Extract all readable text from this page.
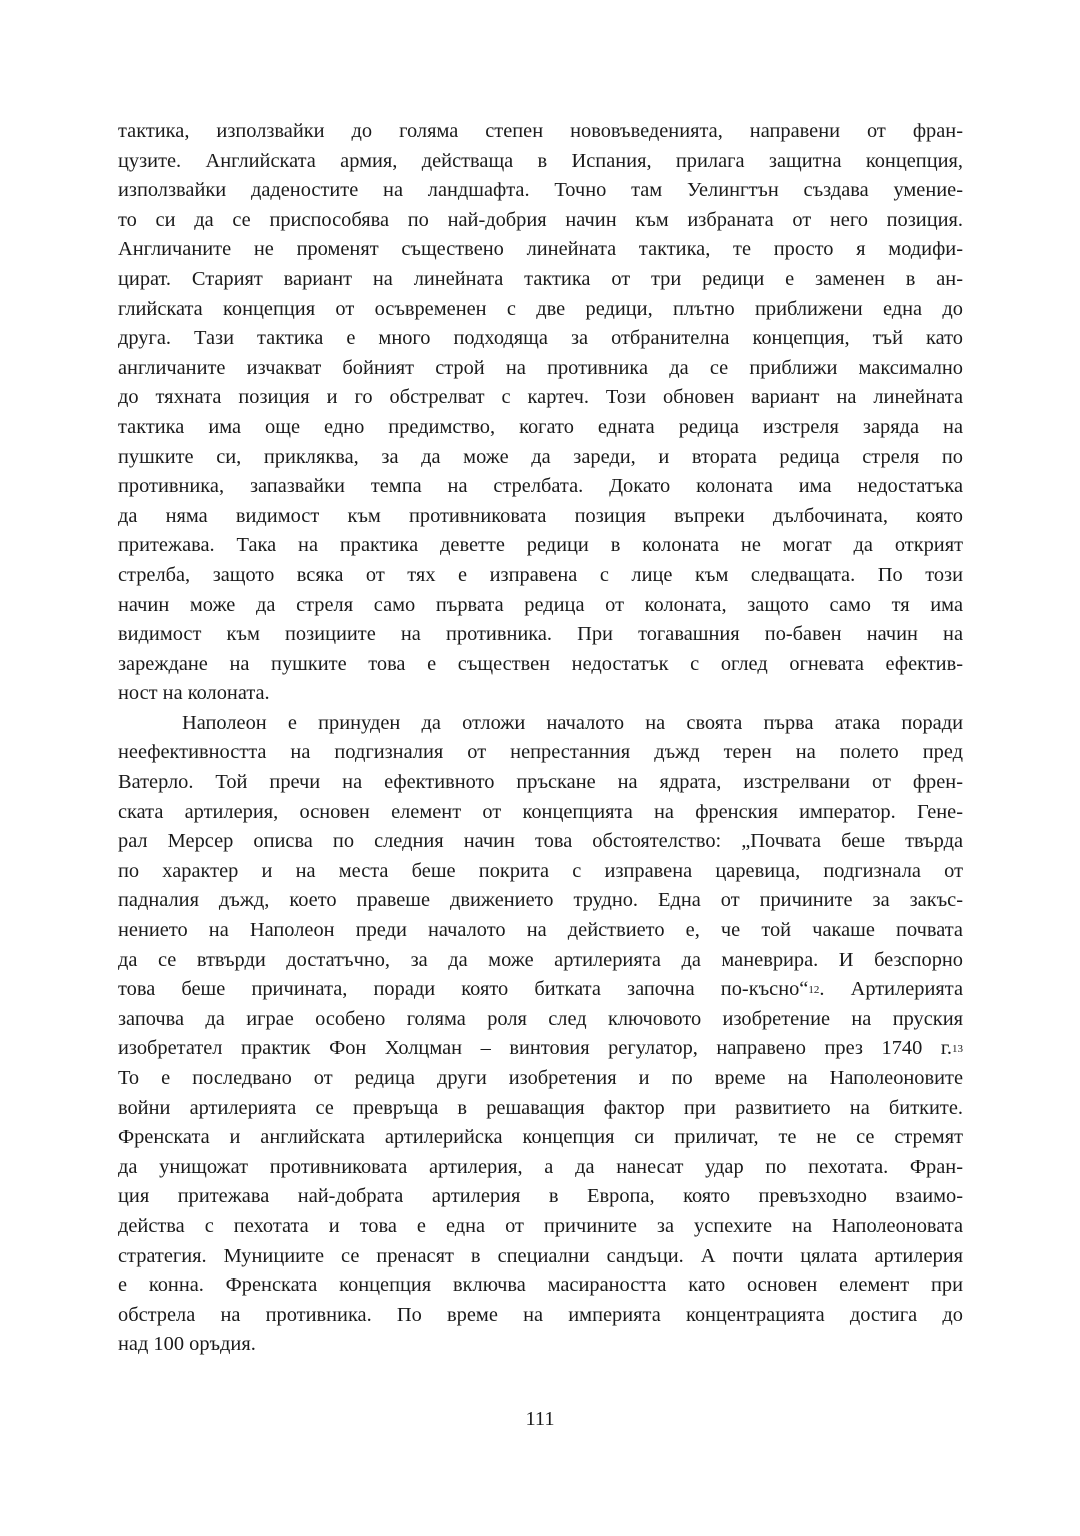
тактика, използвайки до голяма степен нововъведенията, направени от фран-
цузите. Английската армия, действаща в Испания, прилага защитна концепция,
използвайки даденостите на ландшафта. Точно там Уелингтън създава умение-
то си да се приспособява по най-добрия начин към избраната от него позиция.
Англичаните не променят съществено линейната тактика, те просто я модифи-
цират. Старият вариант на линейната тактика от три редици е заменен в ан-
глийската концепция от осъвременен с две редици, плътно приближени една до
друга. Тази тактика е много подходяща за отбранителна концепция, тъй като
англичаните изчакват бойният строй на противника да се приближи максимално
до тяхната позиция и го обстрелват с картеч. Този обновен вариант на линейната
тактика има още едно предимство, когато едната редица изстреля заряда на
пушките си, прикляква, за да може да зареди, и втората редица стреля по
противника, запазвайки темпа на стрелбата. Докато колоната има недостатъка
да няма видимост към противниковата позиция въпреки дълбочината, която
притежава. Така на практика деветте редици в колоната не могат да открият
стрелба, защото всяка от тях е изправена с лице към следващата. По този
начин може да стреля само първата редица от колоната, защото само тя има
видимост към позициите на противника. При тогавашния по-бавен начин на
зареждане на пушките това е съществен недостатък с оглед огневата ефектив-
ност на колоната.
Наполеон е принуден да отложи началото на своята първа атака поради
неефективността на подгизналия от непрестанния дъжд терен на полето пред
Ватерло. Той пречи на ефективното пръскане на ядрата, изстрелвани от френ-
ската артилерия, основен елемент от концепцията на френския император. Гене-
рал Мерсер описва по следния начин това обстоятелство: „Почвата беше твърда
по характер и на места беше покрита с изправена царевица, подгизнала от
падналия дъжд, което правеше движението трудно. Една от причините за закъс-
нението на Наполеон преди началото на действието е, че той чакаше почвата
да се втвърди достатъчно, за да може артилерията да маневрира. И безспорно
това беше причината, поради която битката започна по-късно“$^{12}$. Артилерията
започва да играе особено голяма роля след ключовото изобретение на пруския
изобретател практик Фон Холцман – винтовия регулатор, направено през 1740 г.$^{13}$
То е последвано от редица други изобретения и по време на Наполеоновите
войни артилерията се превръща в решаващия фактор при развитието на битките.
Френската и английската артилерийска концепция си приличат, те не се стремят
да унищожат противниковата артилерия, а да нанесат удар по пехотата. Фран-
ция притежава най-добрата артилерия в Европа, която превъзходно взаимо-
действа с пехотата и това е една от причините за успехите на Наполеоновата
стратегия. Мунициите се пренасят в специални сандъци. А почти цялата артилерия
е конна. Френската концепция включва масираността като основен елемент при
обстрела на противника. По време на империята концентрацията достига до
над 100 оръдия.
111
